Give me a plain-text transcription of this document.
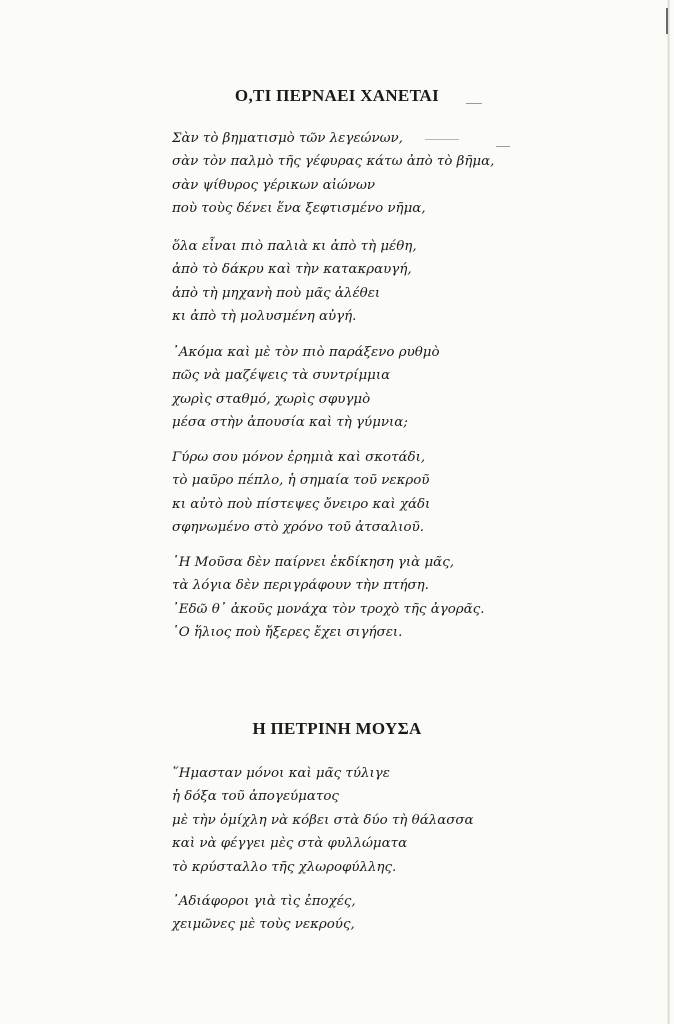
Ο,ΤΙ ΠΕΡΝΑΕΙ ΧΑΝΕΤΑΙ
Σὰν τὸ βηματισμὸ τῶν λεγεώνων,
σὰν τὸν παλμὸ τῆς γέφυρας κάτω ἀπὸ τὸ βῆμα,
σὰν ψίθυρος γέρικων αἰώνων
ποὺ τοὺς δένει ἕνα ξεφτισμένο νῆμα,
ὅλα εἶναι πιὸ παλιὰ κι ἀπὸ τὴ μέθη,
ἀπὸ τὸ δάκρυ καὶ τὴν κατακραυγή,
ἀπὸ τὴ μηχανὴ ποὺ μᾶς ἀλέθει
κι ἀπὸ τὴ μολυσμένη αὐγή.
᾽Ακόμα καὶ μὲ τὸν πιὸ παράξενο ρυθμὸ
πῶς νὰ μαζέψεις τὰ συντρίμμια
χωρὶς σταθμό, χωρὶς σφυγμὸ
μέσα στὴν ἀπουσία καὶ τὴ γύμνια;
Γύρω σου μόνον ἐρημιὰ καὶ σκοτάδι,
τὸ μαῦρο πέπλο, ἡ σημαία τοῦ νεκροῦ
κι αὐτὸ ποὺ πίστεψες ὄνειρο καὶ χάδι
σφηνωμένο στὸ χρόνο τοῦ ἀτσαλιοῦ.
῾Η Μοῦσα δὲν παίρνει ἐκδίκηση γιὰ μᾶς,
τὰ λόγια δὲν περιγράφουν τὴν πτήση.
᾽Εδῶ θ᾽ ἀκοῦς μονάχα τὸν τροχὸ τῆς ἀγορᾶς.
῾Ο ἥλιος ποὺ ἤξερες ἔχει σιγήσει.
Η ΠΕΤΡΙΝΗ ΜΟΥΣΑ
῞Ημασταν μόνοι καὶ μᾶς τύλιγε
ἡ δόξα τοῦ ἀπογεύματος
μὲ τὴν ὁμίχλη νὰ κόβει στὰ δύο τὴ θάλασσα
καὶ νὰ φέγγει μὲς στὰ φυλλώματα
τὸ κρύσταλλο τῆς χλωροφύλλης.
᾽Αδιάφοροι γιὰ τὶς ἐποχές,
χειμῶνες μὲ τοὺς νεκρούς,
